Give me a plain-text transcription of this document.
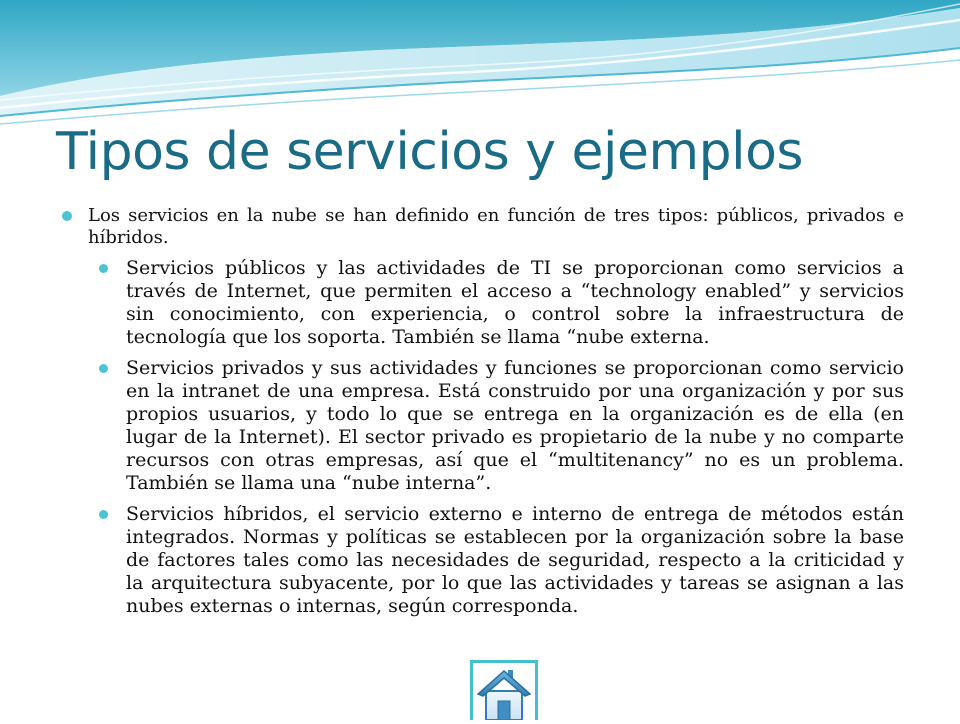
Tipos de servicios y ejemplos
Los servicios en la nube se han definido en función de tres tipos: públicos, privados e híbridos.
Servicios públicos y las actividades de TI se proporcionan como servicios a través de Internet, que permiten el acceso a “technology enabled” y servicios sin conocimiento, con experiencia, o control sobre la infraestructura de tecnología que los soporta. También se llama “nube externa.
Servicios privados y sus actividades y funciones se proporcionan como servicio en la intranet de una empresa. Está construido por una organización y por sus propios usuarios, y todo lo que se entrega en la organización es de ella (en lugar de la Internet). El sector privado es propietario de la nube y no comparte recursos con otras empresas, así que el “multitenancy” no es un problema. También se llama una “nube interna”.
Servicios híbridos, el servicio externo e interno de entrega de métodos están integrados. Normas y políticas se establecen por la organización sobre la base de factores tales como las necesidades de seguridad, respecto a la criticidad y la arquitectura subyacente, por lo que las actividades y tareas se asignan a las nubes externas o internas, según corresponda.
